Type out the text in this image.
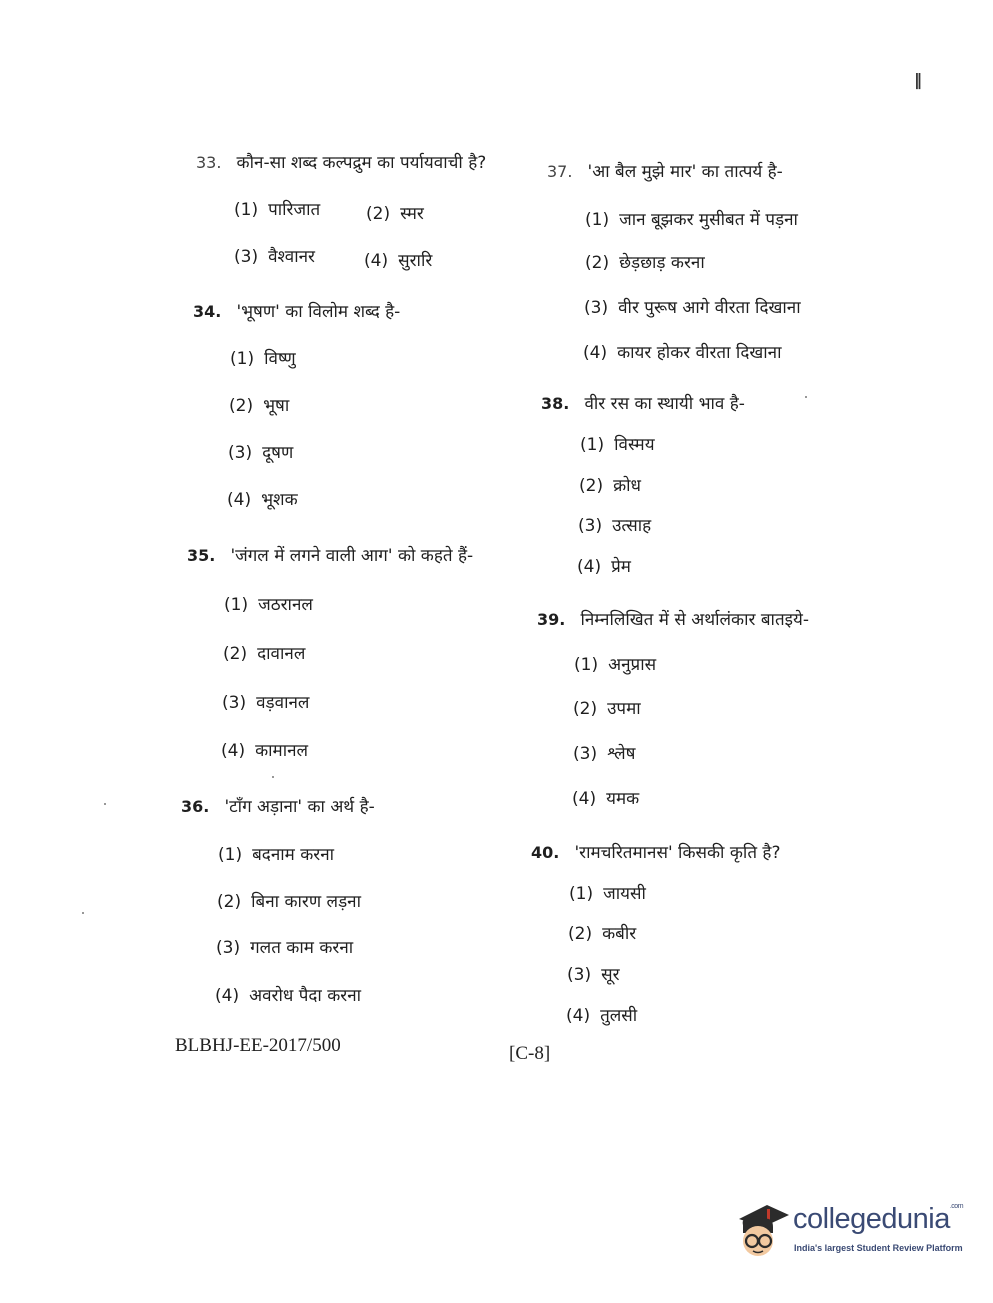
‖
33. कौन-सा शब्द कल्पद्रुम का पर्यायवाची है?
(1) पारिजात	(2) स्मर
(3) वैश्वानर	(4) सुरारि
34. 'भूषण' का विलोम शब्द है-
(1) विष्णु
(2) भूषा
(3) दूषण
(4) भूशक
35. 'जंगल में लगने वाली आग' को कहते हैं-
(1) जठरानल
(2) दावानल
(3) वड़वानल
(4) कामानल
36. 'टाँग अड़ाना' का अर्थ है-
(1) बदनाम करना
(2) बिना कारण लड़ना
(3) गलत काम करना
(4) अवरोध पैदा करना
37. 'आ बैल मुझे मार' का तात्पर्य है-
(1) जान बूझकर मुसीबत में पड़ना
(2) छेड़छाड़ करना
(3) वीर पुरूष आगे वीरता दिखाना
(4) कायर होकर वीरता दिखाना
38. वीर रस का स्थायी भाव है-
(1) विस्मय
(2) क्रोध
(3) उत्साह
(4) प्रेम
39. निम्नलिखित में से अर्थालंकार बातइये-
(1) अनुप्रास
(2) उपमा
(3) श्लेष
(4) यमक
40. 'रामचरितमानस' किसकी कृति है?
(1) जायसी
(2) कबीर
(3) सूर
(4) तुलसी
BLBHJ-EE-2017/500	[C-8]
collegedunia$^{.com}$
India's largest Student Review Platform
